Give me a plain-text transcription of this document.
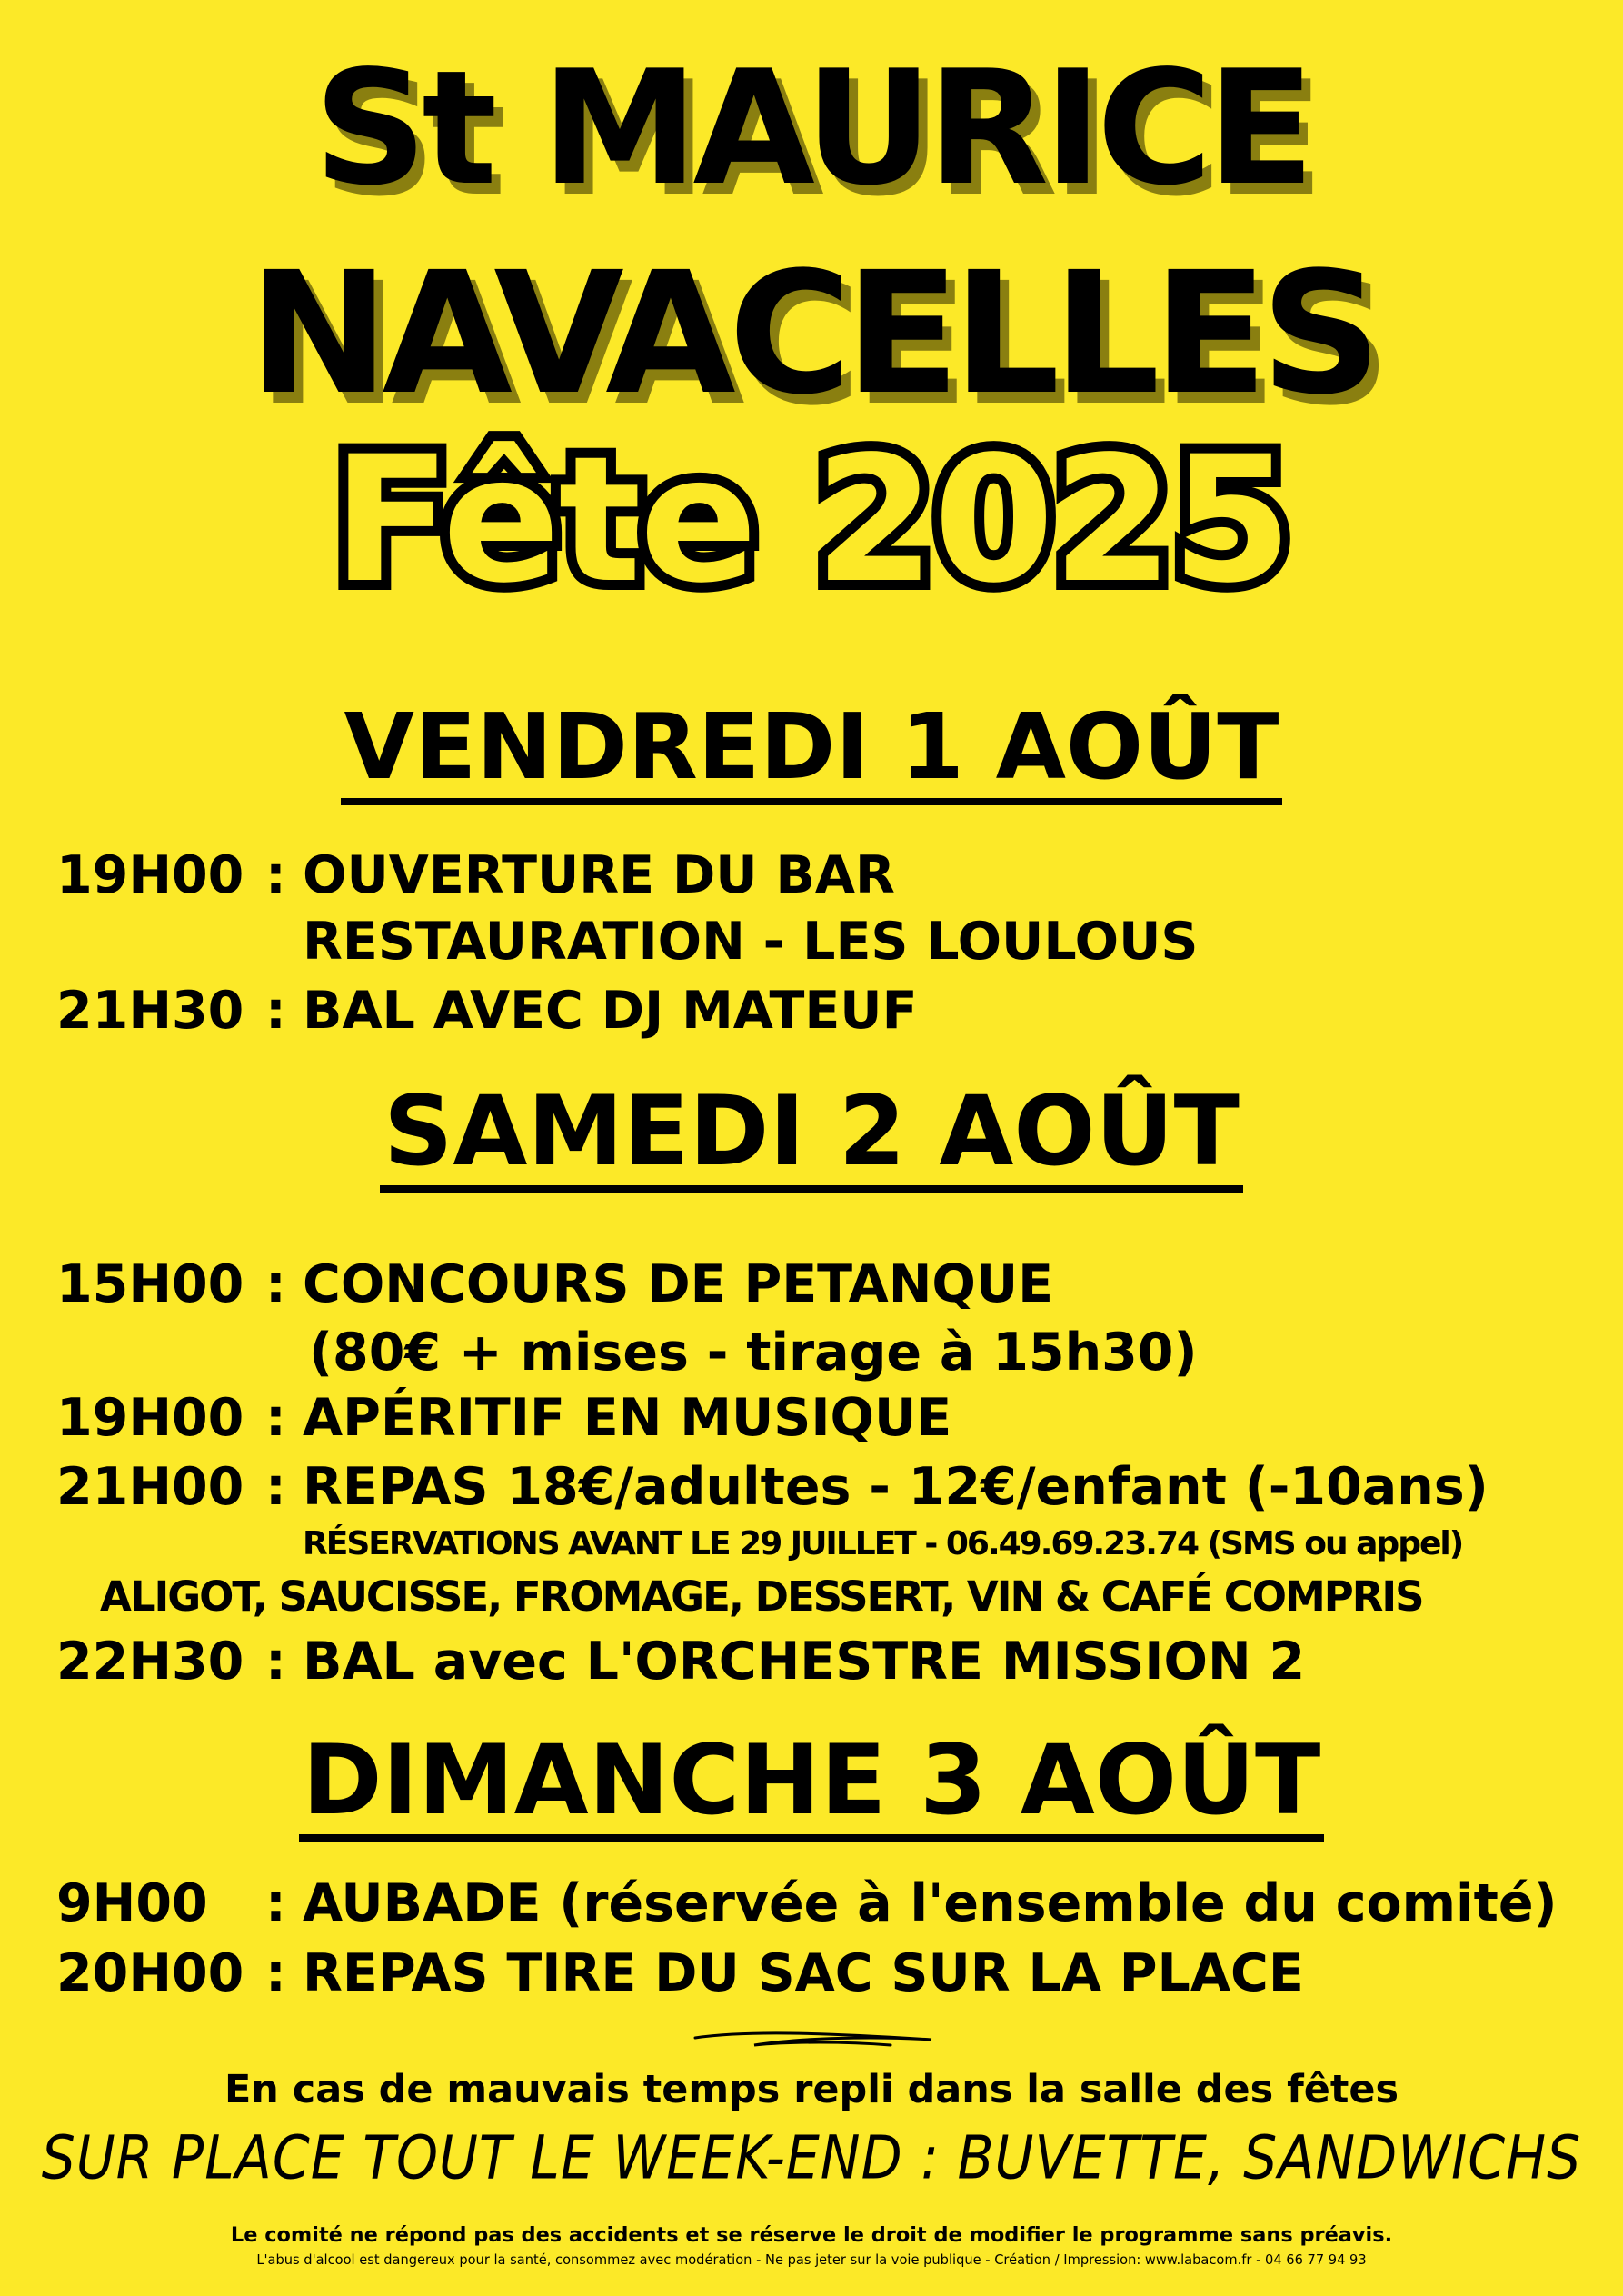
St MAURICE
NAVACELLES
Fête 2025
VENDREDI 1 AOÛT
19H00 : OUVERTURE DU BAR
RESTAURATION - LES LOULOUS
21H30 : BAL AVEC DJ MATEUF
SAMEDI 2 AOÛT
15H00 : CONCOURS DE PETANQUE
(80€ + mises - tirage à 15h30)
19H00 : APÉRITIF EN MUSIQUE
21H00 : REPAS 18€/adultes - 12€/enfant (-10ans)
RÉSERVATIONS AVANT LE 29 JUILLET - 06.49.69.23.74 (SMS ou appel)
ALIGOT, SAUCISSE, FROMAGE, DESSERT, VIN & CAFÉ COMPRIS
22H30 : BAL avec L'ORCHESTRE MISSION 2
DIMANCHE 3 AOÛT
9H00 : AUBADE (réservée à l'ensemble du comité)
20H00 : REPAS TIRE DU SAC SUR LA PLACE
En cas de mauvais temps repli dans la salle des fêtes
SUR PLACE TOUT LE WEEK-END : BUVETTE, SANDWICHS
Le comité ne répond pas des accidents et se réserve le droit de modifier le programme sans préavis.
L'abus d'alcool est dangereux pour la santé, consommez avec modération - Ne pas jeter sur la voie publique - Création / Impression: www.labacom.fr - 04 66 77 94 93
